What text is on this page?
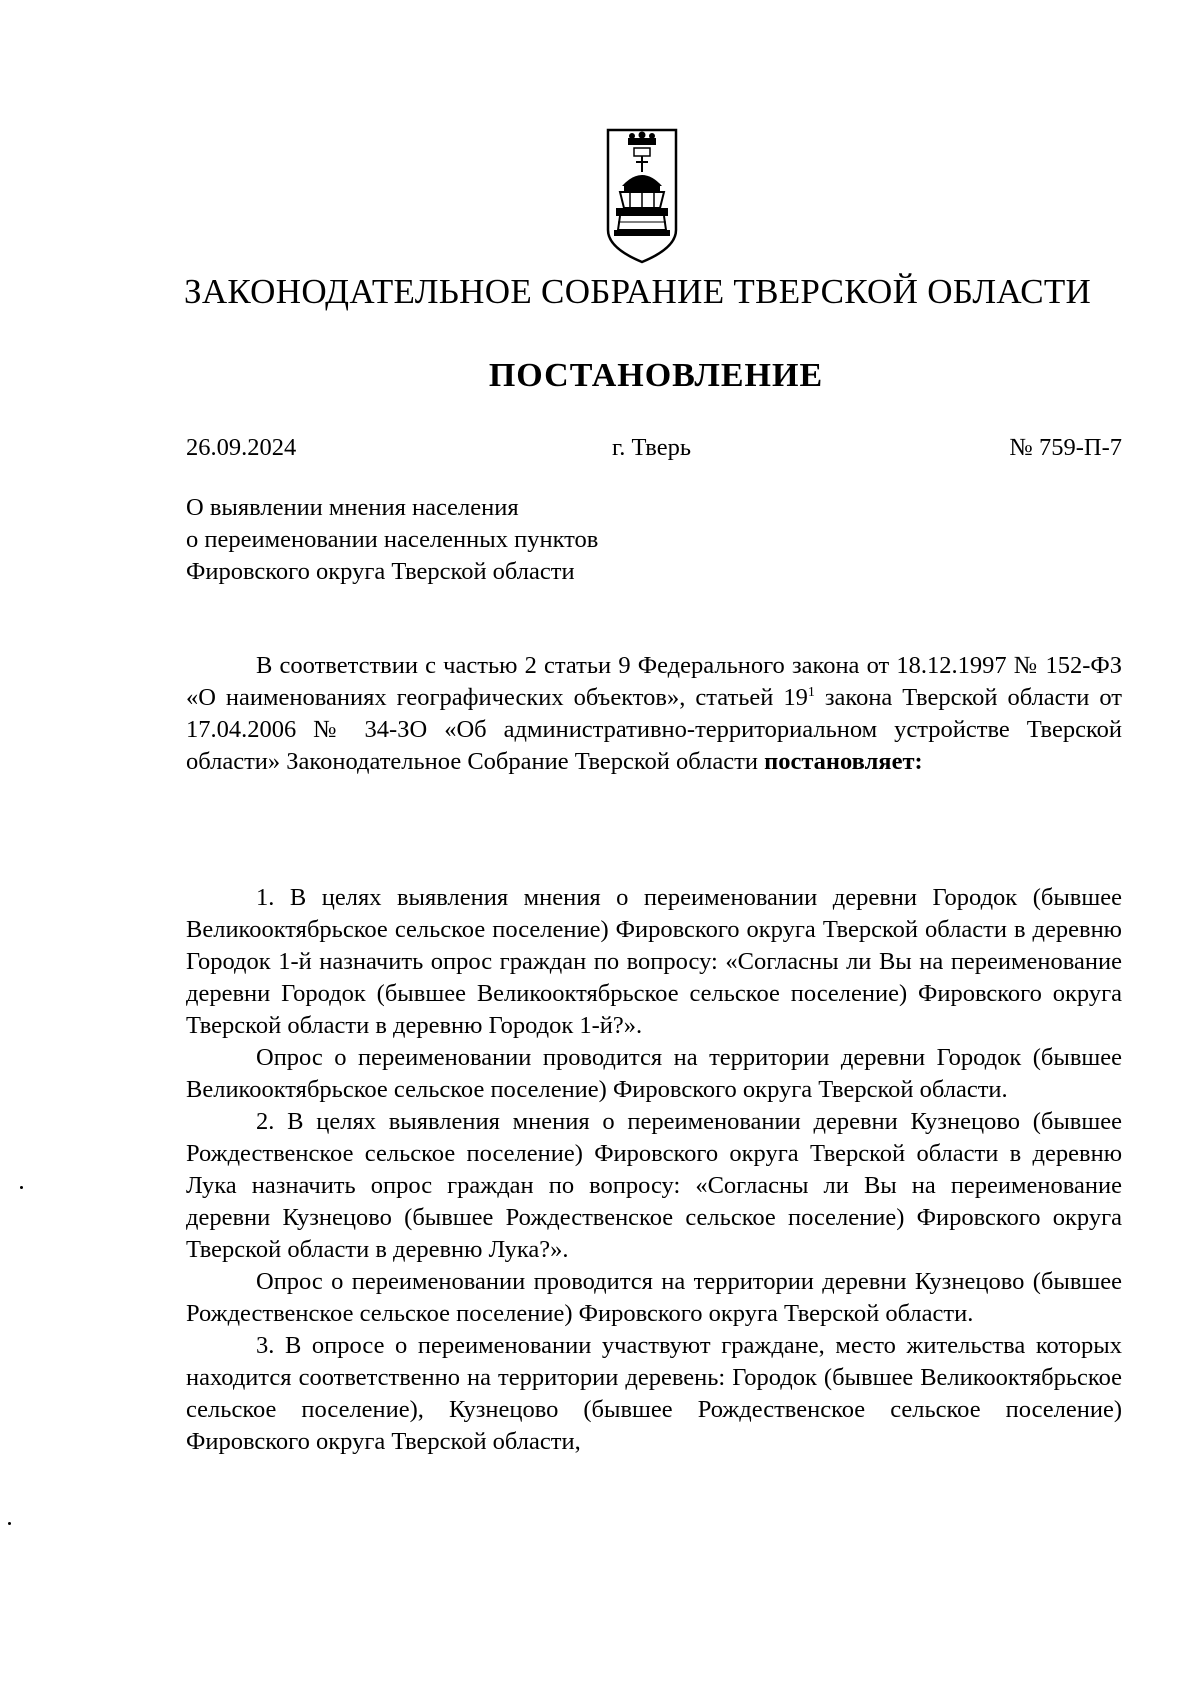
ЗАКОНОДАТЕЛЬНОЕ СОБРАНИЕ ТВЕРСКОЙ ОБЛАСТИ
ПОСТАНОВЛЕНИЕ
26.09.2024	г. Тверь	№ 759-П-7
О выявлении мнения населения
о переименовании населенных пунктов
Фировского округа Тверской области

В соответствии с частью 2 статьи 9 Федерального закона от 18.12.1997 № 152-ФЗ «О наименованиях географических объектов», статьей $19^1$ закона Тверской области от 17.04.2006 № 34-ЗО «Об административно-территориальном устройстве Тверской области» Законодательное Собрание Тверской области постановляет:

1. В целях выявления мнения о переименовании деревни Городок (бывшее Великооктябрьское сельское поселение) Фировского округа Тверской области в деревню Городок 1-й назначить опрос граждан по вопросу: «Согласны ли Вы на переименование деревни Городок (бывшее Великооктябрьское сельское поселение) Фировского округа Тверской области в деревню Городок 1-й?».

Опрос о переименовании проводится на территории деревни Городок (бывшее Великооктябрьское сельское поселение) Фировского округа Тверской области.

2. В целях выявления мнения о переименовании деревни Кузнецово (бывшее Рождественское сельское поселение) Фировского округа Тверской области в деревню Лука назначить опрос граждан по вопросу: «Согласны ли Вы на переименование деревни Кузнецово (бывшее Рождественское сельское поселение) Фировского округа Тверской области в деревню Лука?».

Опрос о переименовании проводится на территории деревни Кузнецово (бывшее Рождественское сельское поселение) Фировского округа Тверской области.

3. В опросе о переименовании участвуют граждане, место жительства которых находится соответственно на территории деревень: Городок (бывшее Великооктябрьское сельское поселение), Кузнецово (бывшее Рождественское сельское поселение) Фировского округа Тверской области,
